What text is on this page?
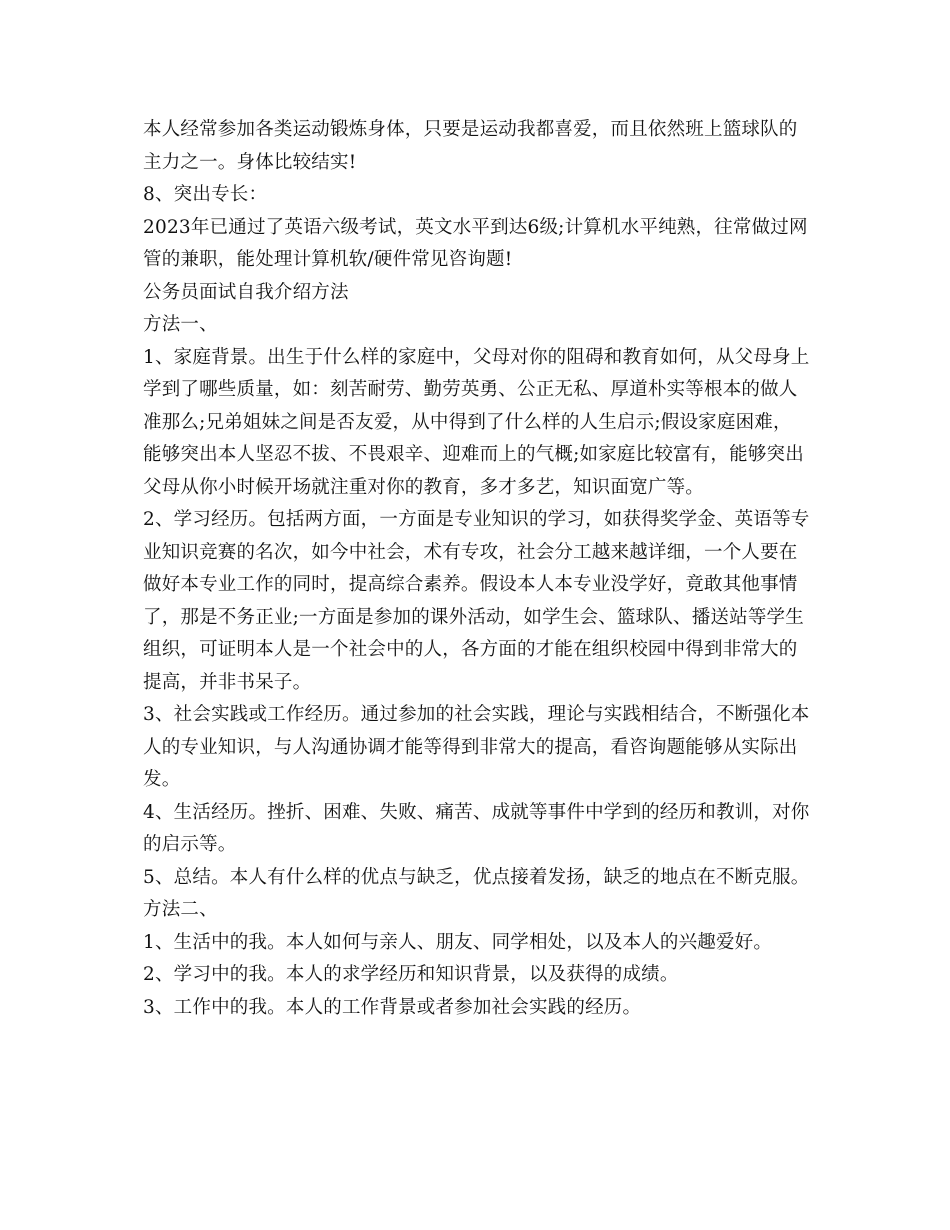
本人经常参加各类运动锻炼身体，只要是运动我都喜爱，而且依然班上篮球队的
主力之一。身体比较结实!
8、突出专长：
2023年已通过了英语六级考试，英文水平到达6级;计算机水平纯熟，往常做过网
管的兼职，能处理计算机软/硬件常见咨询题!
公务员面试自我介绍方法
方法一、
1、家庭背景。出生于什么样的家庭中，父母对你的阻碍和教育如何，从父母身上
学到了哪些质量，如：刻苦耐劳、勤劳英勇、公正无私、厚道朴实等根本的做人
准那么;兄弟姐妹之间是否友爱，从中得到了什么样的人生启示;假设家庭困难，
能够突出本人坚忍不拔、不畏艰辛、迎难而上的气概;如家庭比较富有，能够突出
父母从你小时候开场就注重对你的教育，多才多艺，知识面宽广等。
2、学习经历。包括两方面，一方面是专业知识的学习，如获得奖学金、英语等专
业知识竞赛的名次，如今中社会，术有专攻，社会分工越来越详细，一个人要在
做好本专业工作的同时，提高综合素养。假设本人本专业没学好，竟敢其他事情
了，那是不务正业;一方面是参加的课外活动，如学生会、篮球队、播送站等学生
组织，可证明本人是一个社会中的人，各方面的才能在组织校园中得到非常大的
提高，并非书呆子。
3、社会实践或工作经历。通过参加的社会实践，理论与实践相结合，不断强化本
人的专业知识，与人沟通协调才能等得到非常大的提高，看咨询题能够从实际出
发。
4、生活经历。挫折、困难、失败、痛苦、成就等事件中学到的经历和教训，对你
的启示等。
5、总结。本人有什么样的优点与缺乏，优点接着发扬，缺乏的地点在不断克服。
方法二、
1、生活中的我。本人如何与亲人、朋友、同学相处，以及本人的兴趣爱好。
2、学习中的我。本人的求学经历和知识背景，以及获得的成绩。
3、工作中的我。本人的工作背景或者参加社会实践的经历。
